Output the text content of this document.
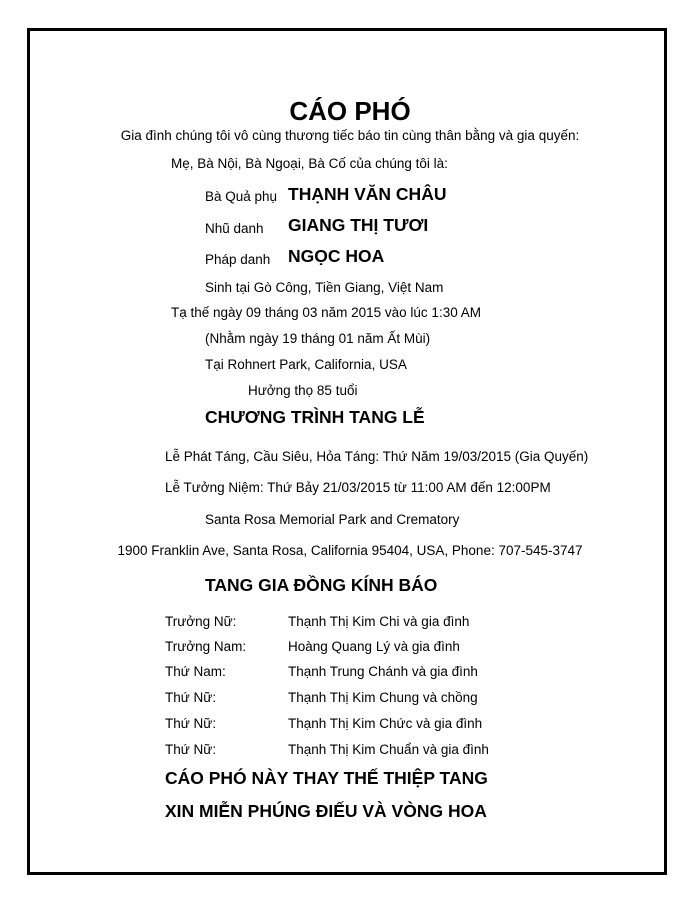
CÁO PHÓ
Gia đình chúng tôi vô cùng thương tiếc báo tin cùng thân bằng và gia quyến:
Mẹ, Bà Nội, Bà Ngoại, Bà Cố của chúng tôi là:
Bà Quả phụ THẠNH VĂN CHÂU
Nhũ danh GIANG THỊ TƯƠI
Pháp danh NGỌC HOA
Sinh tại Gò Công, Tiền Giang, Việt Nam
Tạ thế ngày 09 tháng 03 năm 2015 vào lúc 1:30 AM
(Nhằm ngày 19 tháng 01 năm Ất Mùi)
Tại Rohnert Park, California, USA
Hưởng thọ 85 tuổi
CHƯƠNG TRÌNH TANG LỄ
Lễ Phát Táng, Cầu Siêu, Hỏa Táng: Thứ Năm 19/03/2015 (Gia Quyến)
Lễ Tưởng Niệm: Thứ Bảy 21/03/2015 từ 11:00 AM đến 12:00PM
Santa Rosa Memorial Park and Crematory
1900 Franklin Ave, Santa Rosa, California 95404, USA, Phone: 707-545-3747
TANG GIA ĐỒNG KÍNH BÁO
Trưởng Nữ:	Thạnh Thị Kim Chi và gia đình
Trưởng Nam:	Hoàng Quang Lý và gia đình
Thứ Nam:	Thạnh Trung Chánh và gia đình
Thứ Nữ:	Thạnh Thị Kim Chung và chồng
Thứ Nữ:	Thạnh Thị Kim Chức và gia đình
Thứ Nữ:	Thạnh Thị Kim Chuẩn và gia đình
CÁO PHÓ NÀY THAY THẾ THIỆP TANG
XIN MIỄN PHÚNG ĐIẾU VÀ VÒNG HOA
